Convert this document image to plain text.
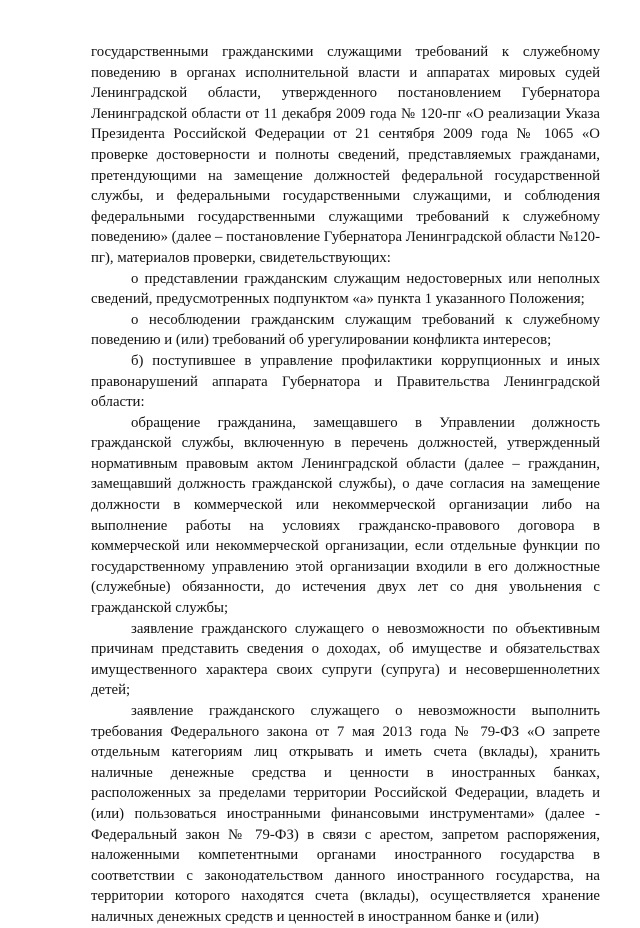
государственными гражданскими служащими требований к служебному поведению в органах исполнительной власти и аппаратах мировых судей Ленинградской области, утвержденного постановлением Губернатора Ленинградской области от 11 декабря 2009 года № 120-пг «О реализации Указа Президента Российской Федерации от 21 сентября 2009 года № 1065 «О проверке достоверности и полноты сведений, представляемых гражданами, претендующими на замещение должностей федеральной государственной службы, и федеральными государственными служащими, и соблюдения федеральными государственными служащими требований к служебному поведению» (далее – постановление Губернатора Ленинградской области №120-пг), материалов проверки, свидетельствующих:

о представлении гражданским служащим недостоверных или неполных сведений, предусмотренных подпунктом «а» пункта 1 указанного Положения;

о несоблюдении гражданским служащим требований к служебному поведению и (или) требований об урегулировании конфликта интересов;

б) поступившее в управление профилактики коррупционных и иных правонарушений аппарата Губернатора и Правительства Ленинградской области:

обращение гражданина, замещавшего в Управлении должность гражданской службы, включенную в перечень должностей, утвержденный нормативным правовым актом Ленинградской области (далее – гражданин, замещавший должность гражданской службы), о даче согласия на замещение должности в коммерческой или некоммерческой организации либо на выполнение работы на условиях гражданско-правового договора в коммерческой или некоммерческой организации, если отдельные функции по государственному управлению этой организации входили в его должностные (служебные) обязанности, до истечения двух лет со дня увольнения с гражданской службы;

заявление гражданского служащего о невозможности по объективным причинам представить сведения о доходах, об имуществе и обязательствах имущественного характера своих супруги (супруга) и несовершеннолетних детей;

заявление гражданского служащего о невозможности выполнить требования Федерального закона от 7 мая 2013 года № 79-ФЗ «О запрете отдельным категориям лиц открывать и иметь счета (вклады), хранить наличные денежные средства и ценности в иностранных банках, расположенных за пределами территории Российской Федерации, владеть и (или) пользоваться иностранными финансовыми инструментами» (далее - Федеральный закон № 79-ФЗ) в связи с арестом, запретом распоряжения, наложенными компетентными органами иностранного государства в соответствии с законодательством данного иностранного государства, на территории которого находятся счета (вклады), осуществляется хранение наличных денежных средств и ценностей в иностранном банке и (или)
